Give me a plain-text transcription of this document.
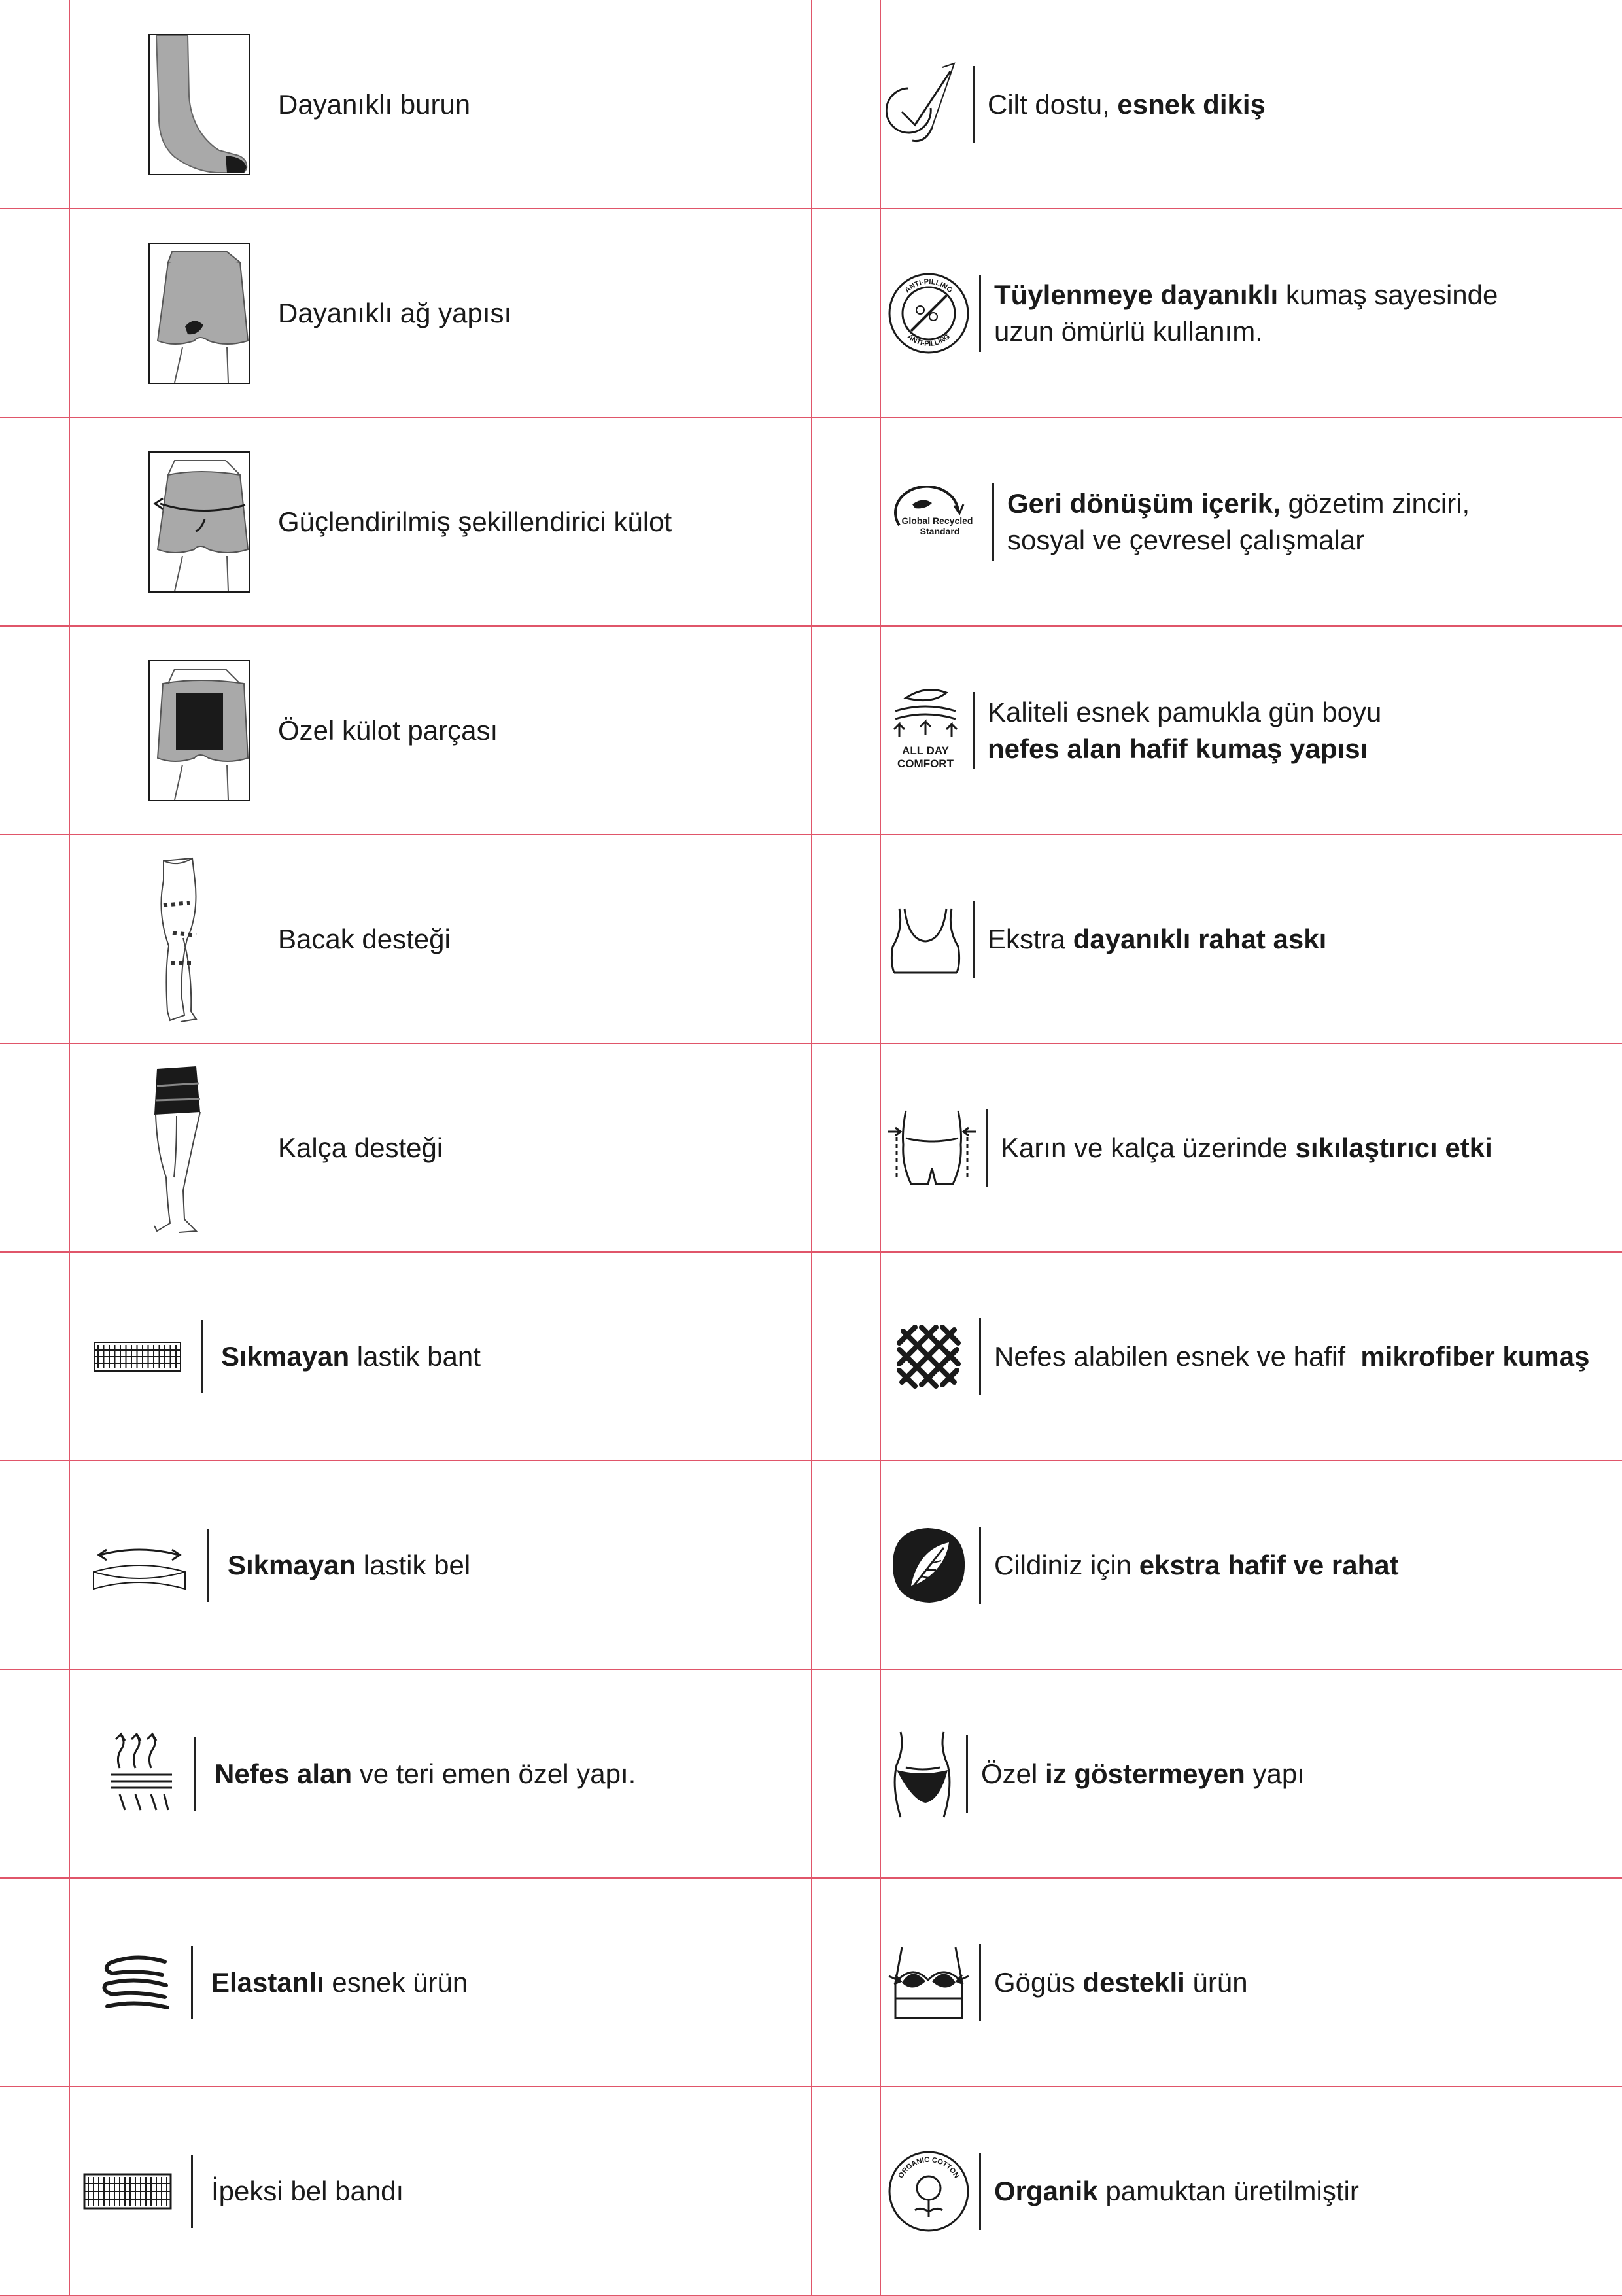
Dayanıklı burun
Dayanıklı ağ yapısı
Güçlendirilmiş şekillendirici külot
Özel külot parçası
Bacak desteği
Kalça desteği
Sıkmayan lastik bant
Sıkmayan lastik bel
Nefes alan ve teri emen özel yapı.
Elastanlı esnek ürün
İpeksi bel bandı
Cilt dostu, esnek dikiş
ANTI-PILLING
ANTI-PILLING
Tüylenmeye dayanıklı kumaş sayesinde
uzun ömürlü kullanım.
Global Recycled
Standard
Geri dönüşüm içerik, gözetim zinciri,
sosyal ve çevresel çalışmalar
ALL DAY
COMFORT
Kaliteli esnek pamukla gün boyu
nefes alan hafif kumaş yapısı
Ekstra dayanıklı rahat askı
Karın ve kalça üzerinde sıkılaştırıcı etki
Nefes alabilen esnek ve hafif  mikrofiber kumaş
Cildiniz için ekstra hafif ve rahat
Özel iz göstermeyen yapı
Gögüs destekli ürün
ORGANIC COTTON
Organik pamuktan üretilmiştir
